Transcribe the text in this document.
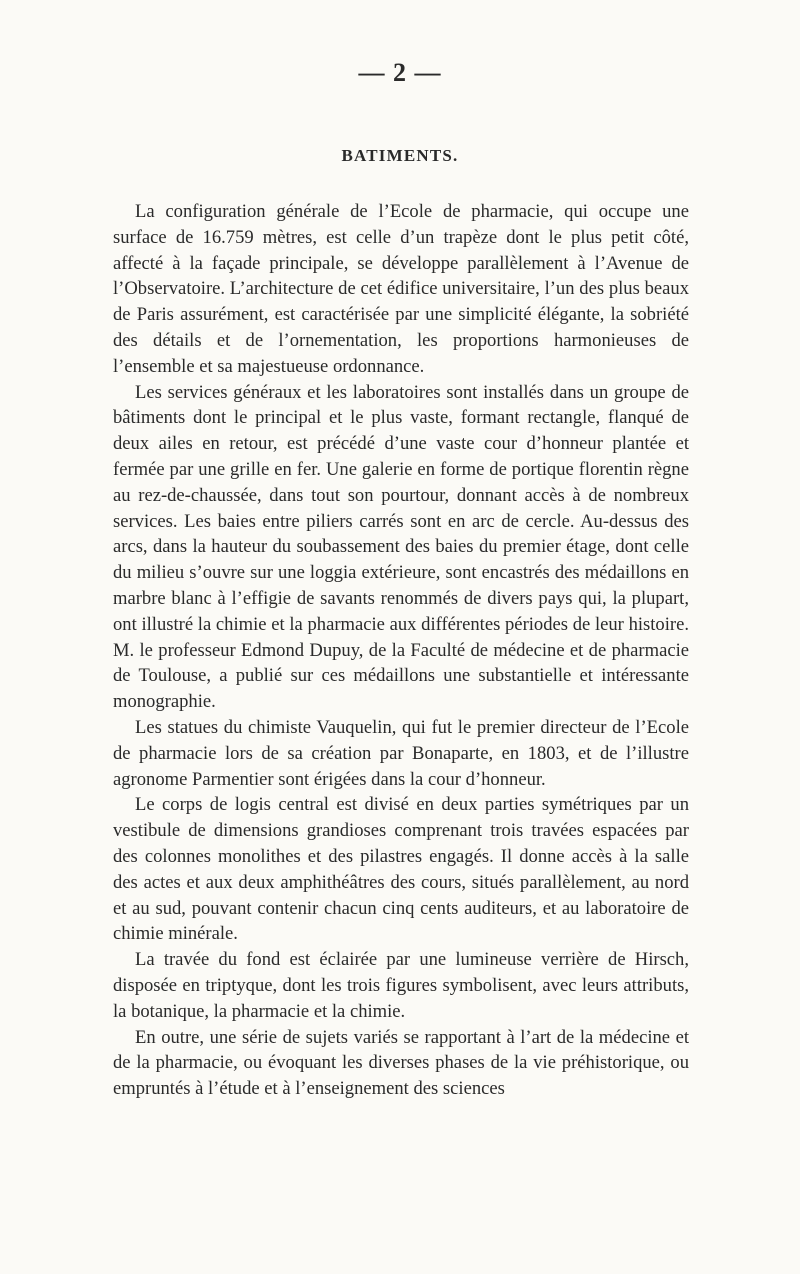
— 2 —
BATIMENTS.

La configuration générale de l’Ecole de pharmacie, qui occupe une surface de 16.759 mètres, est celle d’un trapèze dont le plus petit côté, affecté à la façade principale, se développe parallèlement à l’Avenue de l’Observatoire. L’architecture de cet édifice universitaire, l’un des plus beaux de Paris assurément, est caractérisée par une simplicité élégante, la sobriété des détails et de l’ornementation, les proportions harmonieuses de l’ensemble et sa majestueuse ordonnance.

Les services généraux et les laboratoires sont installés dans un groupe de bâtiments dont le principal et le plus vaste, formant rectangle, flanqué de deux ailes en retour, est précédé d’une vaste cour d’honneur plantée et fermée par une grille en fer. Une galerie en forme de portique florentin règne au rez-de-chaussée, dans tout son pourtour, donnant accès à de nombreux services. Les baies entre piliers carrés sont en arc de cercle. Au-dessus des arcs, dans la hauteur du soubassement des baies du premier étage, dont celle du milieu s’ouvre sur une loggia extérieure, sont encastrés des médaillons en marbre blanc à l’effigie de savants renommés de divers pays qui, la plupart, ont illustré la chimie et la pharmacie aux différentes périodes de leur histoire. M. le professeur Edmond Dupuy, de la Faculté de médecine et de pharmacie de Toulouse, a publié sur ces médaillons une substantielle et intéressante monographie.

Les statues du chimiste Vauquelin, qui fut le premier directeur de l’Ecole de pharmacie lors de sa création par Bonaparte, en 1803, et de l’illustre agronome Parmentier sont érigées dans la cour d’honneur.

Le corps de logis central est divisé en deux parties symétriques par un vestibule de dimensions grandioses comprenant trois travées espacées par des colonnes monolithes et des pilastres engagés. Il donne accès à la salle des actes et aux deux amphithéâtres des cours, situés parallèlement, au nord et au sud, pouvant contenir chacun cinq cents auditeurs, et au laboratoire de chimie minérale.

La travée du fond est éclairée par une lumineuse verrière de Hirsch, disposée en triptyque, dont les trois figures symbolisent, avec leurs attributs, la botanique, la pharmacie et la chimie.

En outre, une série de sujets variés se rapportant à l’art de la médecine et de la pharmacie, ou évoquant les diverses phases de la vie préhistorique, ou empruntés à l’étude et à l’enseignement des sciences
